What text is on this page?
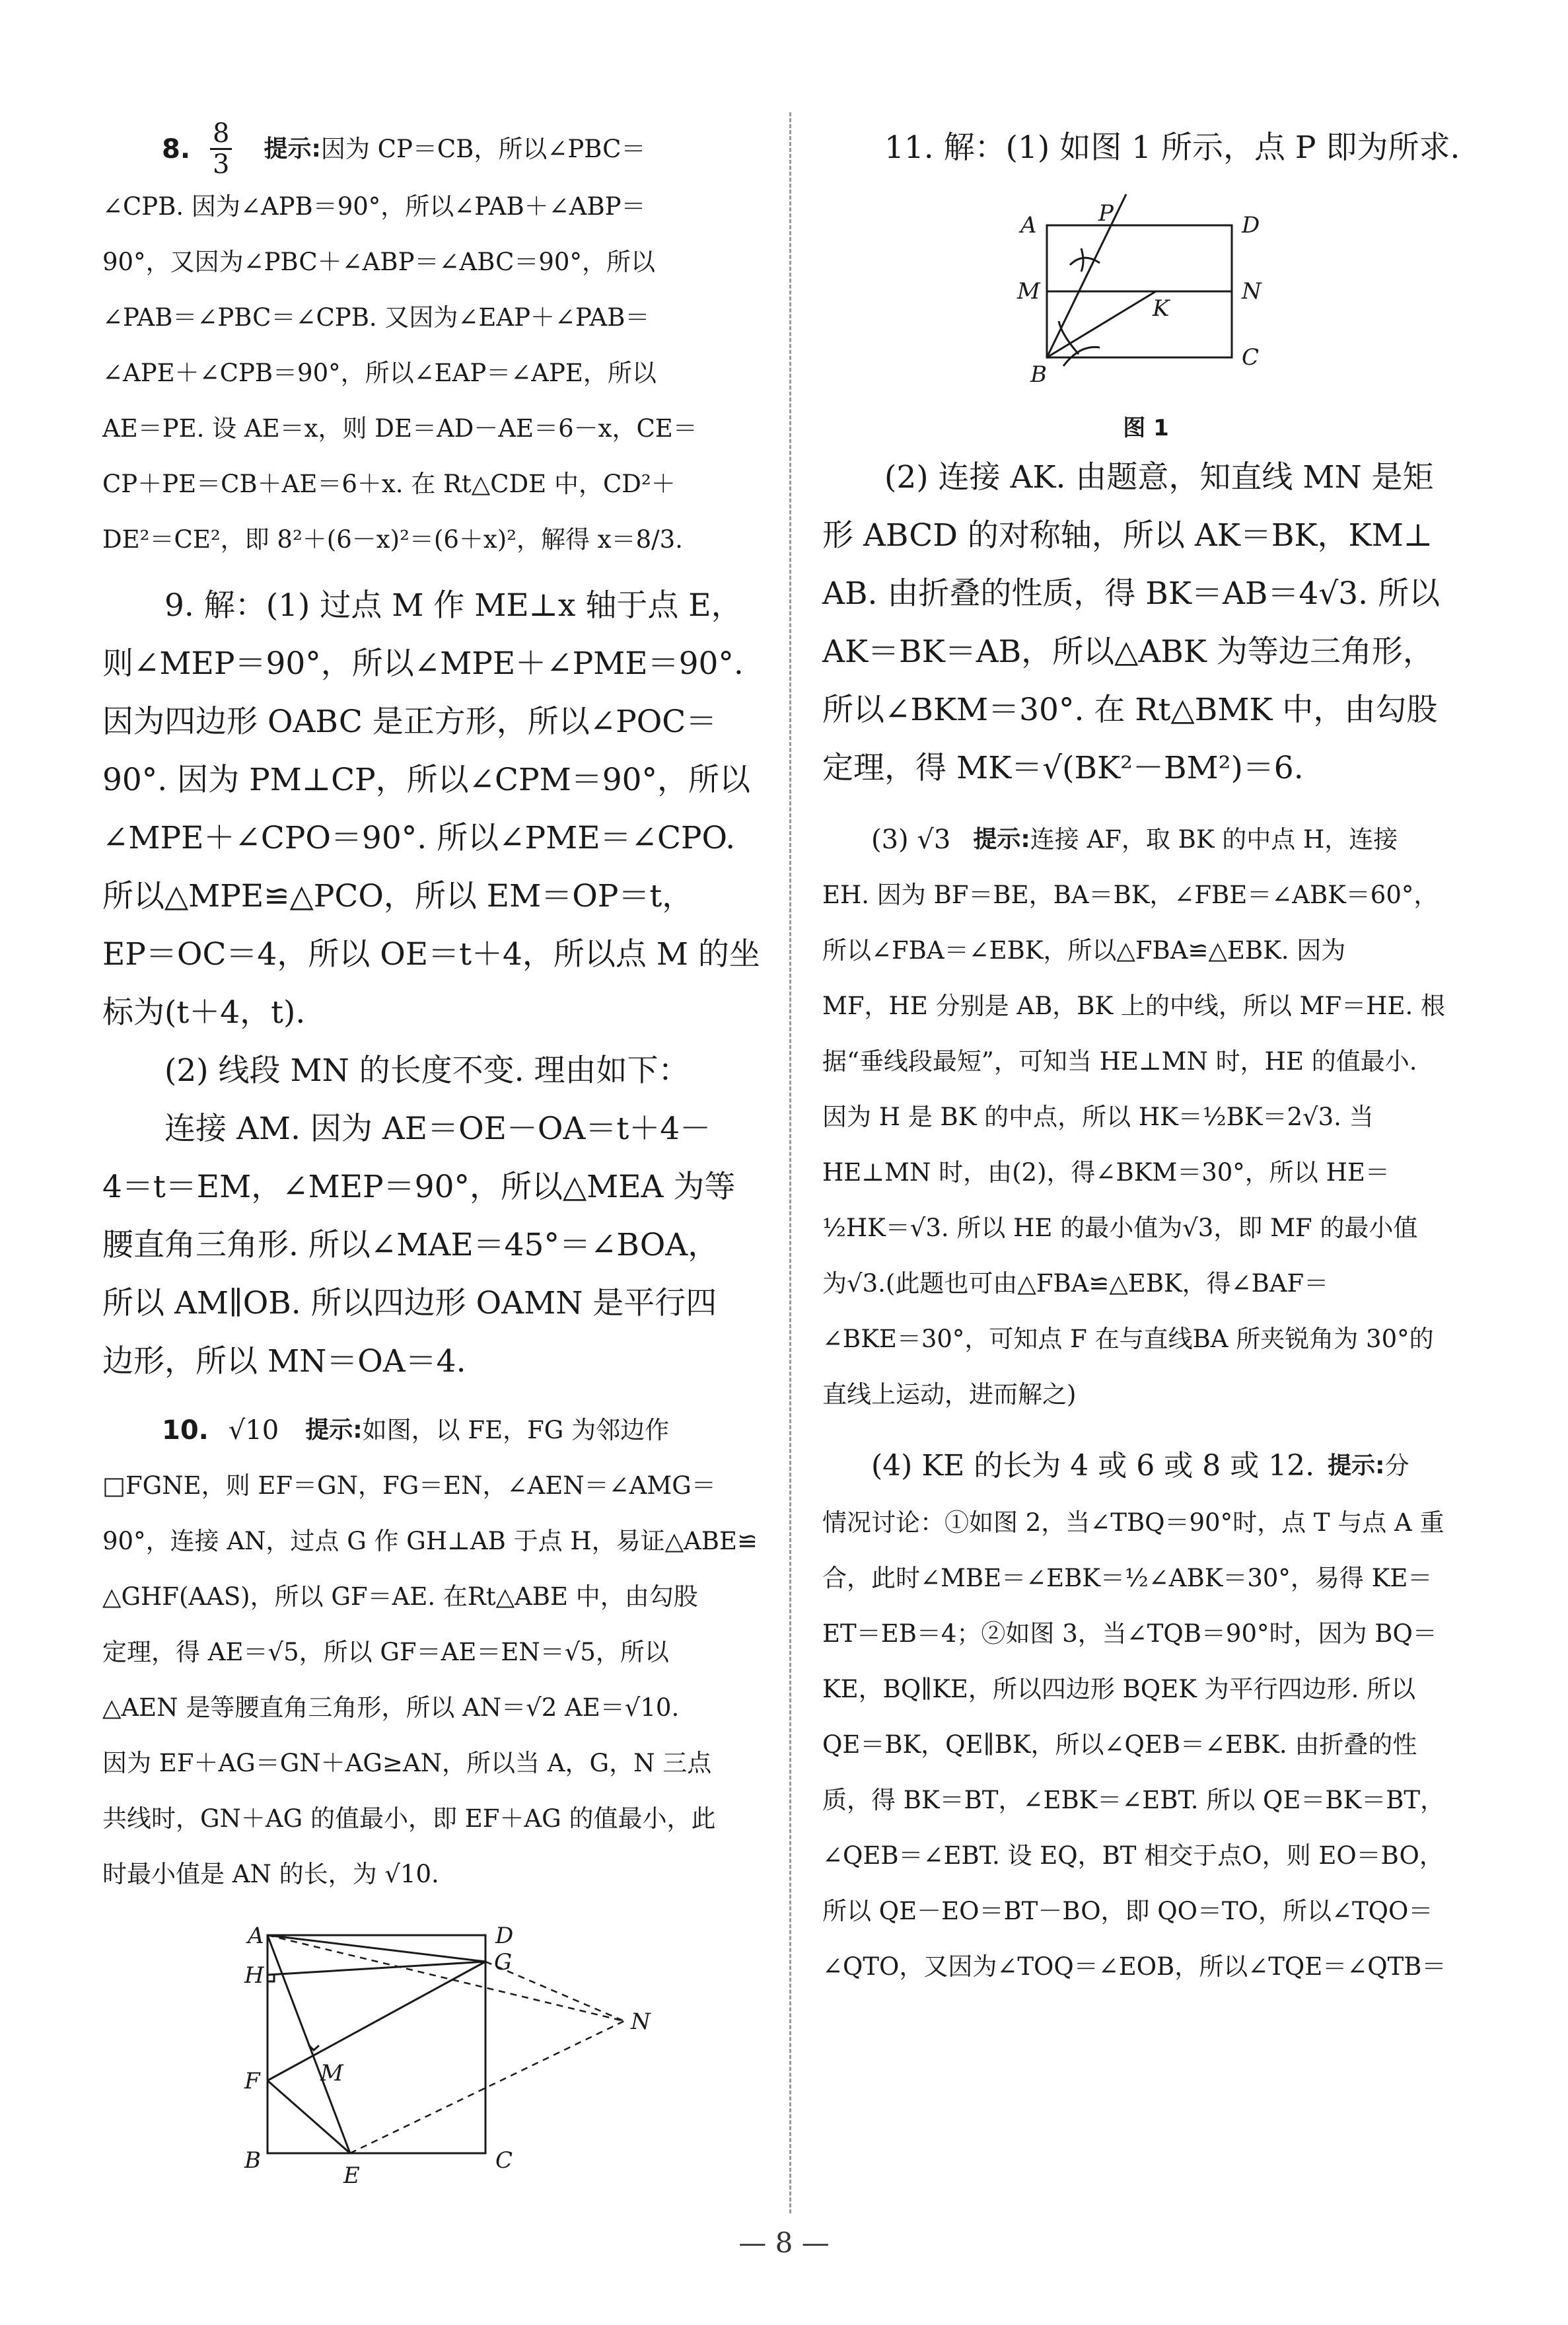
8. $\frac{8}{3}$ 提示: 因为 CP＝CB，所以∠PBC＝
∠CPB. 因为∠APB＝90°，所以∠PAB＋∠ABP＝
90°，又因为∠PBC＋∠ABP＝∠ABC＝90°，所以
∠PAB＝∠PBC＝∠CPB. 又因为∠EAP＋∠PAB＝
∠APE＋∠CPB＝90°，所以∠EAP＝∠APE，所以
AE＝PE. 设 AE＝x，则 DE＝AD－AE＝6－x，CE＝
CP＋PE＝CB＋AE＝6＋x. 在 Rt△CDE 中，CD²＋
DE²＝CE²，即 8²＋(6－x)²＝(6＋x)²，解得 x＝8/3.
9. 解：(1) 过点 M 作 ME⊥x 轴于点 E，
则∠MEP＝90°，所以∠MPE＋∠PME＝90°.
因为四边形 OABC 是正方形，所以∠POC＝
90°. 因为 PM⊥CP，所以∠CPM＝90°，所以
∠MPE＋∠CPO＝90°. 所以∠PME＝∠CPO.
所以△MPE≌△PCO，所以 EM＝OP＝t，
EP＝OC＝4，所以 OE＝t＋4，所以点 M 的坐
标为(t＋4，t).
(2) 线段 MN 的长度不变. 理由如下：
连接 AM. 因为 AE＝OE－OA＝t＋4－
4＝t＝EM，∠MEP＝90°，所以△MEA 为等
腰直角三角形. 所以∠MAE＝45°＝∠BOA，
所以 AM∥OB. 所以四边形 OAMN 是平行四
边形，所以 MN＝OA＝4.
10. √10 提示: 如图，以 FE，FG 为邻边作
□FGNE，则 EF＝GN，FG＝EN，∠AEN＝∠AMG＝
90°，连接 AN，过点 G 作 GH⊥AB 于点 H，易证△ABE≌
△GHF(AAS)，所以 GF＝AE. 在Rt△ABE 中，由勾股
定理，得 AE＝√5，所以 GF＝AE＝EN＝√5，所以
△AEN 是等腰直角三角形，所以 AN＝√2 AE＝√10.
因为 EF＋AG＝GN＋AG≥AN，所以当 A，G，N 三点
共线时，GN＋AG 的值最小，即 EF＋AG 的值最小，此
时最小值是 AN 的长，为 √10.
A	D
H	G
M
N
F
B
E
C
11. 解：(1) 如图 1 所示，点 P 即为所求.
A	P	D
M	N
K
B
C
图 1
(2) 连接 AK. 由题意，知直线 MN 是矩
形 ABCD 的对称轴，所以 AK＝BK，KM⊥
AB. 由折叠的性质，得 BK＝AB＝4√3. 所以
AK＝BK＝AB，所以△ABK 为等边三角形，
所以∠BKM＝30°. 在 Rt△BMK 中，由勾股
定理，得 MK＝√(BK²－BM²)＝6.
(3) √3 提示: 连接 AF，取 BK 的中点 H，连接
EH. 因为 BF＝BE，BA＝BK，∠FBE＝∠ABK＝60°，
所以∠FBA＝∠EBK，所以△FBA≌△EBK. 因为
MF，HE 分别是 AB，BK 上的中线，所以 MF＝HE. 根
据“垂线段最短”，可知当 HE⊥MN 时，HE 的值最小.
因为 H 是 BK 的中点，所以 HK＝½BK＝2√3. 当
HE⊥MN 时，由(2)，得∠BKM＝30°，所以 HE＝
½HK＝√3. 所以 HE 的最小值为√3，即 MF 的最小值
为√3.(此题也可由△FBA≌△EBK，得∠BAF＝
∠BKE＝30°，可知点 F 在与直线BA 所夹锐角为 30°的
直线上运动，进而解之)
(4) KE 的长为 4 或 6 或 8 或 12. 提示: 分
情况讨论：①如图 2，当∠TBQ＝90°时，点 T 与点 A 重
合，此时∠MBE＝∠EBK＝½∠ABK＝30°，易得 KE＝
ET＝EB＝4；②如图 3，当∠TQB＝90°时，因为 BQ＝
KE，BQ∥KE，所以四边形 BQEK 为平行四边形. 所以
QE＝BK，QE∥BK，所以∠QEB＝∠EBK. 由折叠的性
质，得 BK＝BT，∠EBK＝∠EBT. 所以 QE＝BK＝BT，
∠QEB＝∠EBT. 设 EQ，BT 相交于点O，则 EO＝BO，
所以 QE－EO＝BT－BO，即 QO＝TO，所以∠TQO＝
∠QTO，又因为∠TOQ＝∠EOB，所以∠TQE＝∠QTB＝
— 8 —
